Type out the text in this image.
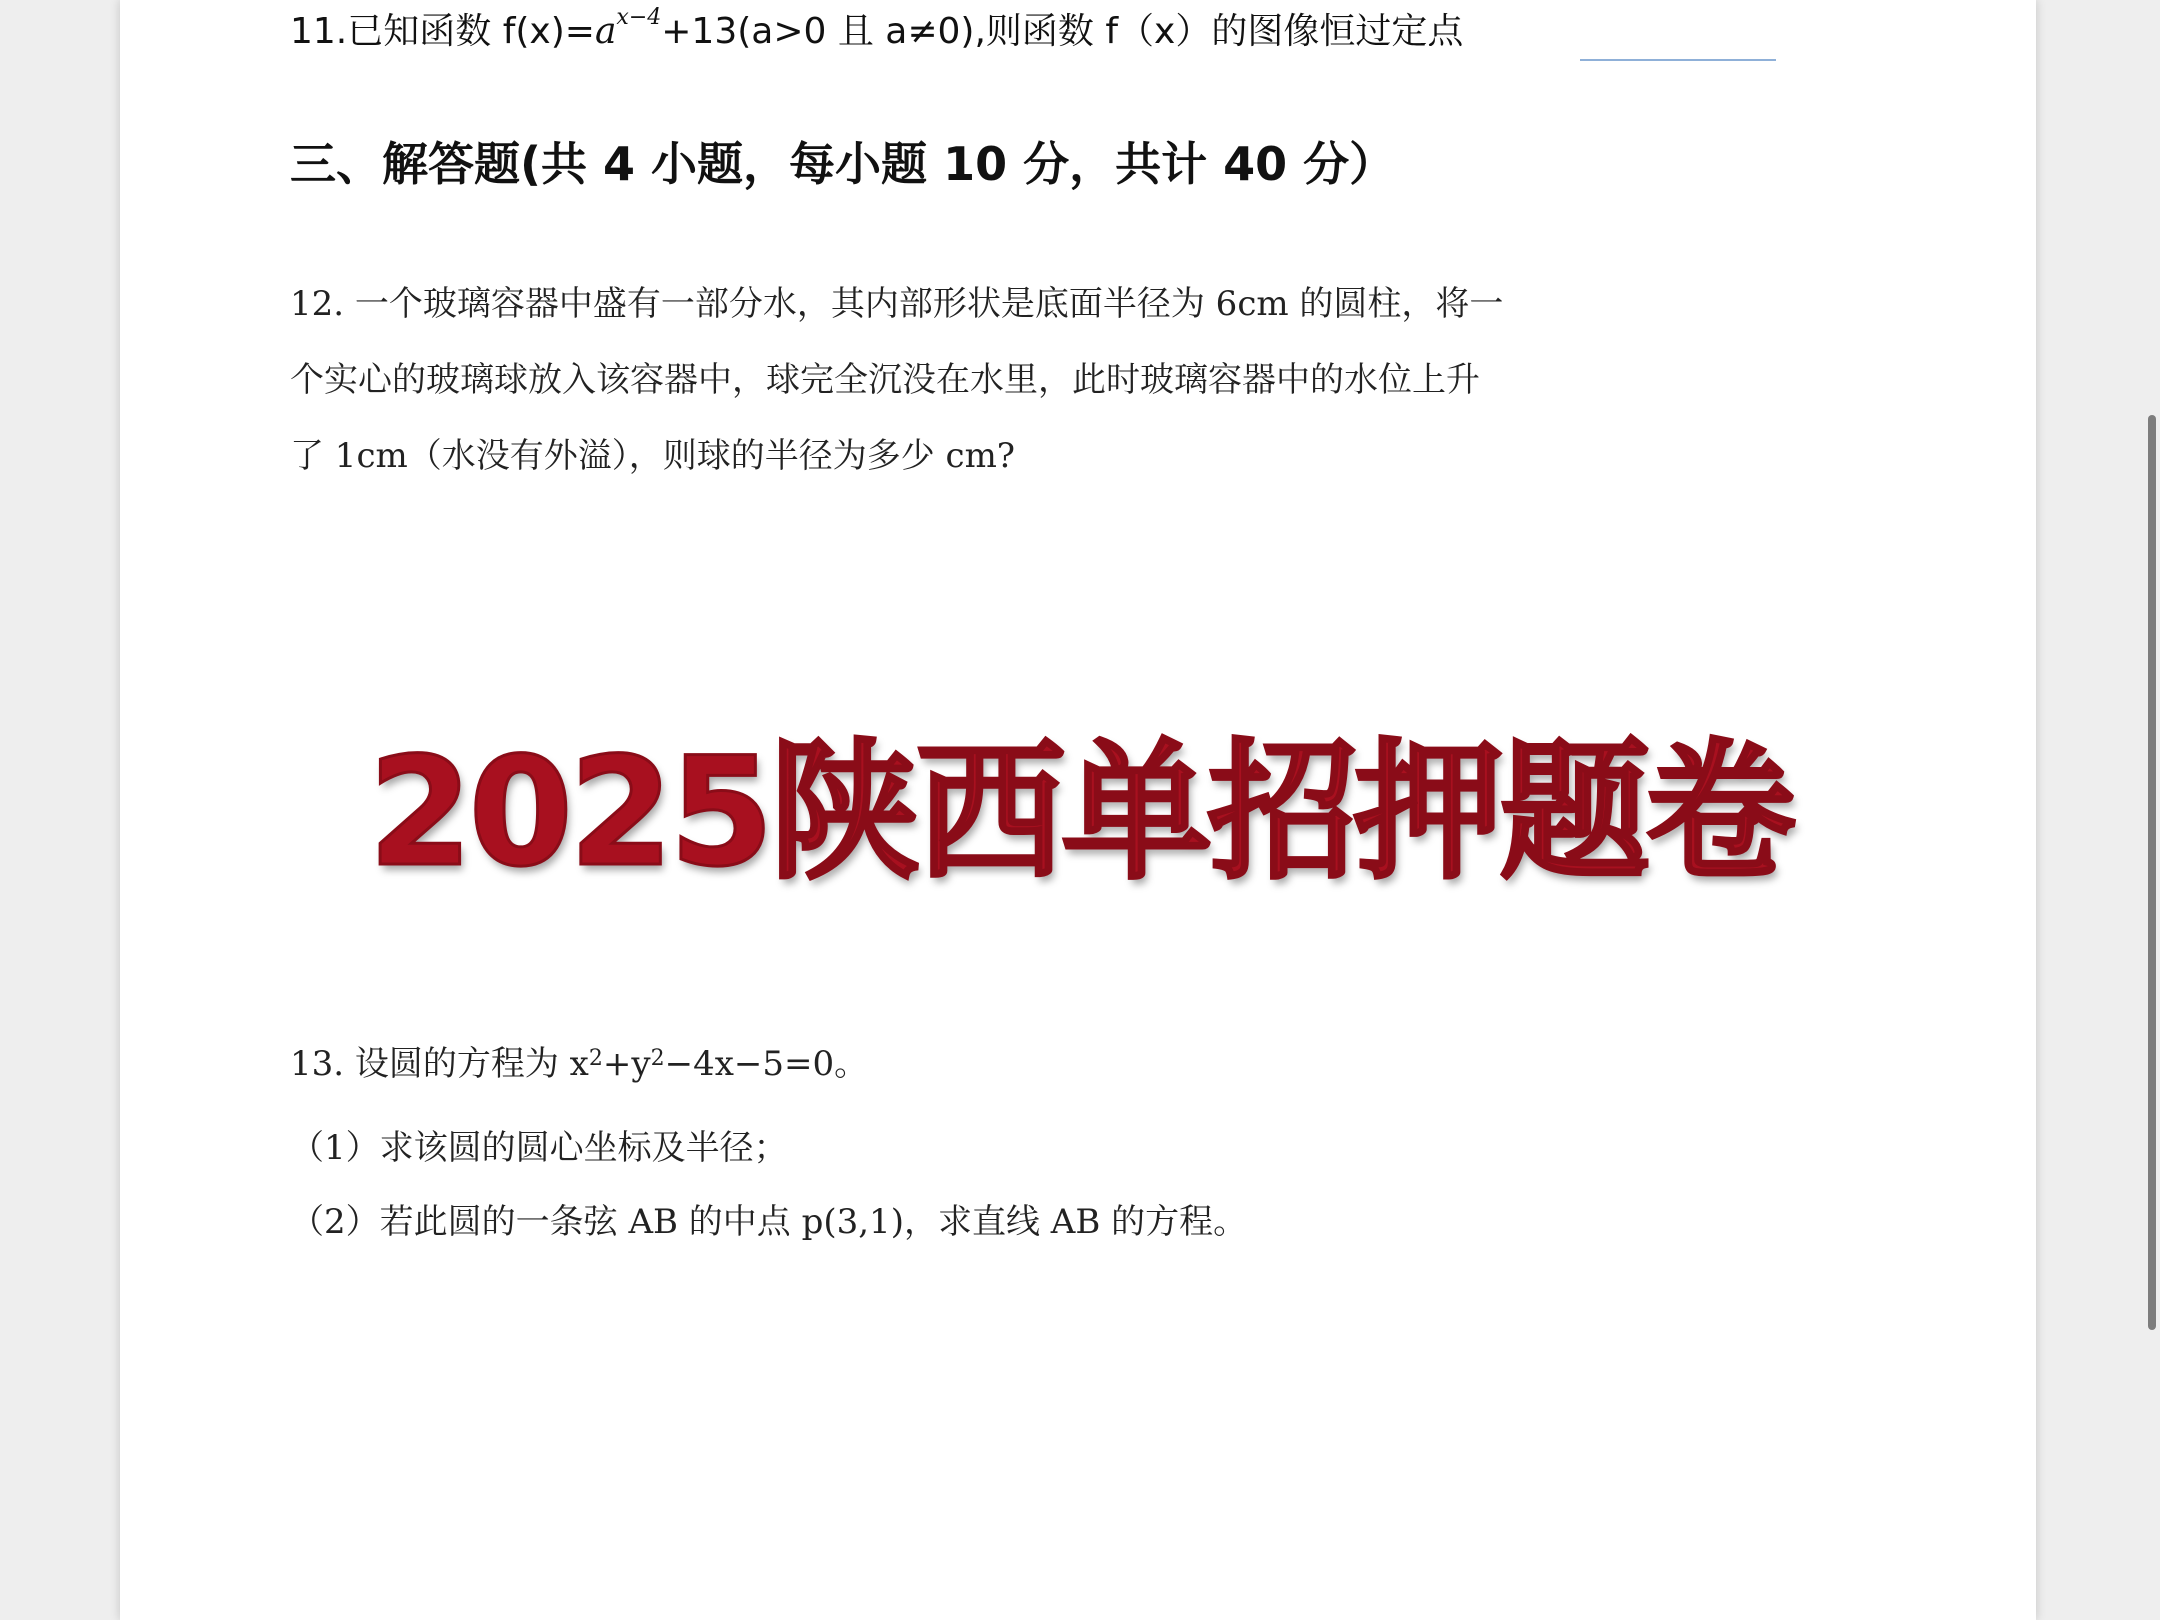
11.已知函数 $f(x)=a^{x-4}+13(a>0$ 且 a≠0),则函数 f（x）的图像恒过定点
三、解答题(共 4 小题，每小题 10 分，共计 40 分）
12. 一个玻璃容器中盛有一部分水，其内部形状是底面半径为 6cm 的圆柱，将一
个实心的玻璃球放入该容器中，球完全沉没在水里，此时玻璃容器中的水位上升
了 1cm（水没有外溢），则球的半径为多少 cm?
2025陕西单招押题卷
13. 设圆的方程为 $x^2+y^2-4x-5=0$。
（1）求该圆的圆心坐标及半径；
（2）若此圆的一条弦 AB 的中点 p(3,1)，求直线 AB 的方程。
